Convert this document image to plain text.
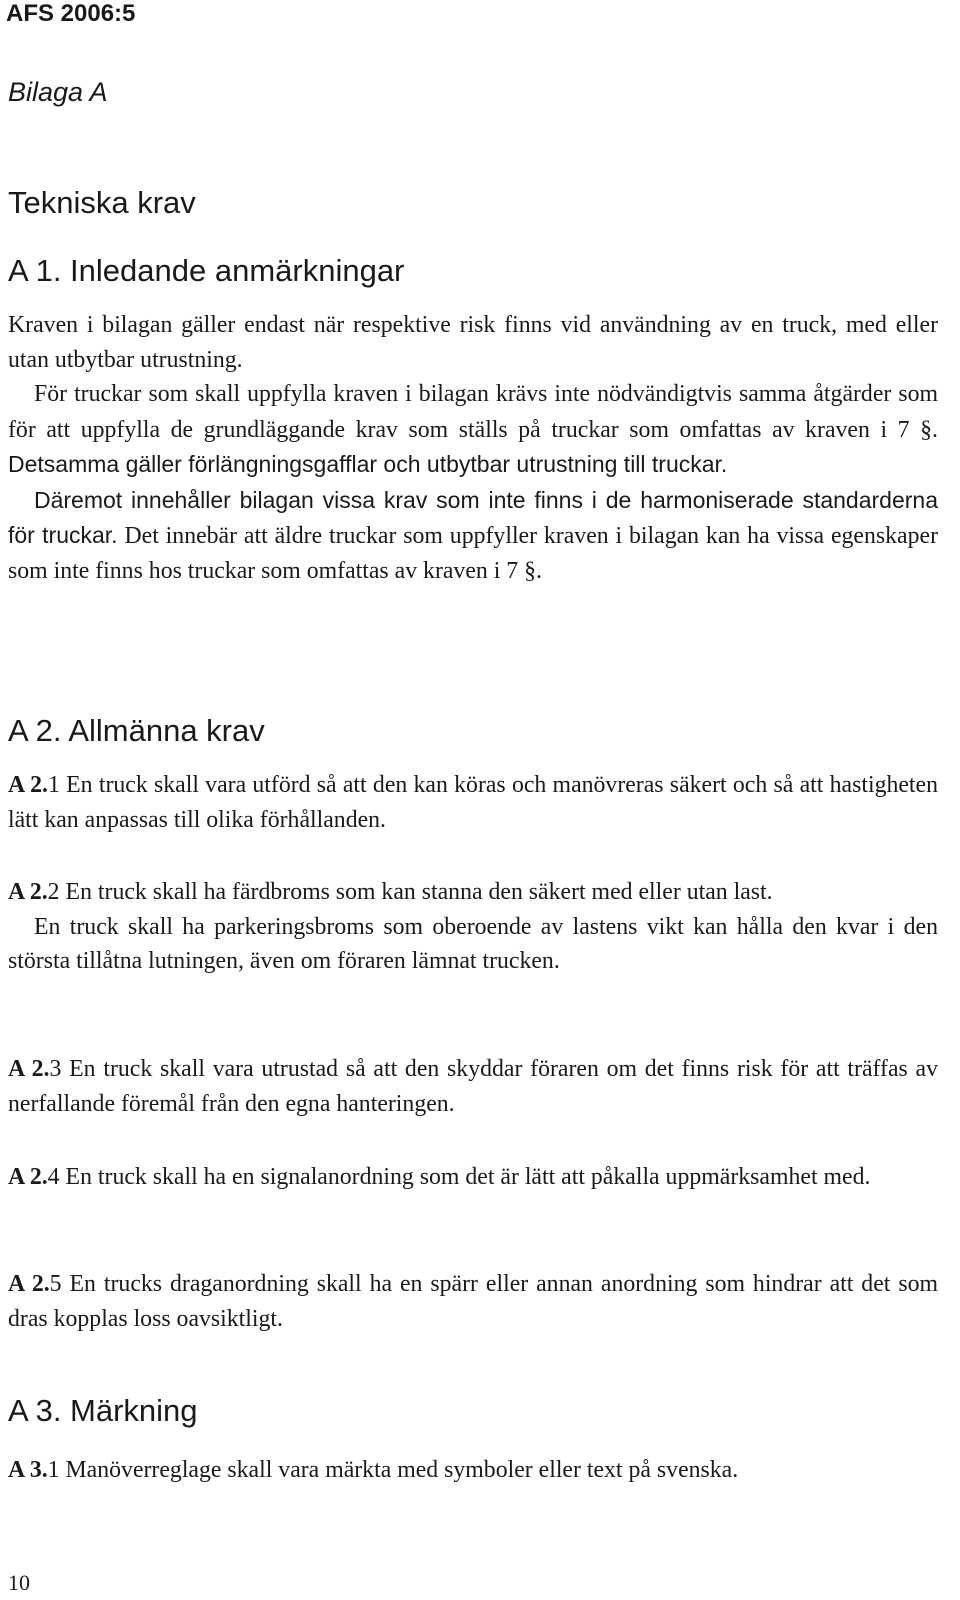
AFS 2006:5
Bilaga A
Tekniska krav
A 1. Inledande anmärkningar

Kraven i bilagan gäller endast när respektive risk finns vid användning av en truck, med eller utan utbytbar utrustning.

För truckar som skall uppfylla kraven i bilagan krävs inte nödvändigtvis samma åtgärder som för att uppfylla de grundläggande krav som ställs på truckar som omfattas av kraven i 7 §. Detsamma gäller förlängningsgafflar och utbytbar utrustning till truckar.

Däremot innehåller bilagan vissa krav som inte finns i de harmoniserade standarderna för truckar. Det innebär att äldre truckar som uppfyller kraven i bilagan kan ha vissa egenskaper som inte finns hos truckar som omfattas av kraven i 7 §.

A 2. Allmänna krav

A 2.1 En truck skall vara utförd så att den kan köras och manövreras säkert och så att hastigheten lätt kan anpassas till olika förhållanden.

A 2.2 En truck skall ha färdbroms som kan stanna den säkert med eller utan last.

En truck skall ha parkeringsbroms som oberoende av lastens vikt kan hålla den kvar i den största tillåtna lutningen, även om föraren lämnat trucken.

A 2.3 En truck skall vara utrustad så att den skyddar föraren om det finns risk för att träffas av nerfallande föremål från den egna hanteringen.

A 2.4 En truck skall ha en signalanordning som det är lätt att påkalla uppmärksamhet med.

A 2.5 En trucks draganordning skall ha en spärr eller annan anordning som hindrar att det som dras kopplas loss oavsiktligt.

A 3. Märkning

A 3.1 Manöverreglage skall vara märkta med symboler eller text på svenska.

10
